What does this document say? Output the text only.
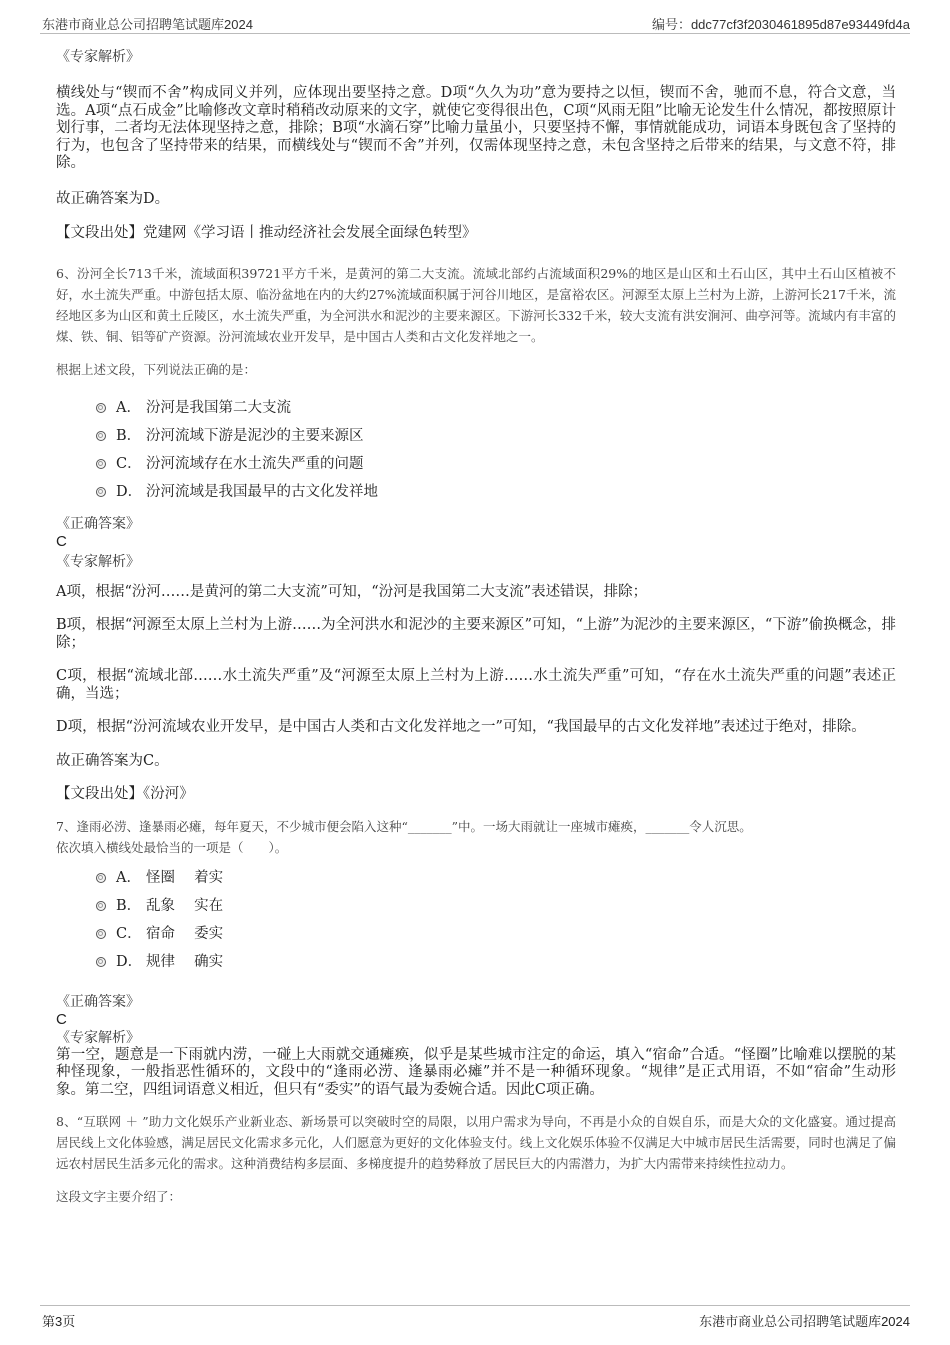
东港市商业总公司招聘笔试题库2024	编号：ddc77cf3f2030461895d87e93449fd4a

《专家解析》

横线处与“锲而不舍”构成同义并列，应体现出要坚持之意。D项“久久为功”意为要持之以恒，锲而不舍，驰而不息，符合文意，当选。A项“点石成金”比喻修改文章时稍稍改动原来的文字，就使它变得很出色，C项“风雨无阻”比喻无论发生什么情况，都按照原计划行事，二者均无法体现坚持之意，排除；B项“水滴石穿”比喻力量虽小，只要坚持不懈，事情就能成功，词语本身既包含了坚持的行为，也包含了坚持带来的结果，而横线处与“锲而不舍”并列，仅需体现坚持之意，未包含坚持之后带来的结果，与文意不符，排除。

故正确答案为D。

【文段出处】党建网《学习语丨推动经济社会发展全面绿色转型》

6、汾河全长713千米，流域面积39721平方千米，是黄河的第二大支流。流域北部约占流域面积29%的地区是山区和土石山区，其中土石山区植被不好，水土流失严重。中游包括太原、临汾盆地在内的大约27%流域面积属于河谷川地区，是富裕农区。河源至太原上兰村为上游，上游河长217千米，流经地区多为山区和黄土丘陵区，水土流失严重，为全河洪水和泥沙的主要来源区。下游河长332千米，较大支流有洪安涧河、曲亭河等。流域内有丰富的煤、铁、铜、铝等矿产资源。汾河流域农业开发早，是中国古人类和古文化发祥地之一。

根据上述文段，下列说法正确的是：

A． 汾河是我国第二大支流
B． 汾河流域下游是泥沙的主要来源区
C． 汾河流域存在水土流失严重的问题
D． 汾河流域是我国最早的古文化发祥地

《正确答案》

C

《专家解析》

A项，根据“汾河……是黄河的第二大支流”可知，“汾河是我国第二大支流”表述错误，排除；

B项，根据“河源至太原上兰村为上游……为全河洪水和泥沙的主要来源区”可知，“上游”为泥沙的主要来源区，“下游”偷换概念，排除；

C项，根据“流域北部……水土流失严重”及“河源至太原上兰村为上游……水土流失严重”可知，“存在水土流失严重的问题”表述正确，当选；

D项，根据“汾河流域农业开发早，是中国古人类和古文化发祥地之一”可知，“我国最早的古文化发祥地”表述过于绝对，排除。

故正确答案为C。

【文段出处】《汾河》

7、逢雨必涝、逢暴雨必瘫，每年夏天，不少城市便会陷入这种“_______”中。一场大雨就让一座城市瘫痪，_______令人沉思。

依次填入横线处最恰当的一项是（　　）。

A． 怪圈　 着实
B． 乱象　 实在
C． 宿命　 委实
D． 规律　 确实

《正确答案》

C

《专家解析》

第一空，题意是一下雨就内涝，一碰上大雨就交通瘫痪，似乎是某些城市注定的命运，填入“宿命”合适。“怪圈”比喻难以摆脱的某种怪现象，一般指恶性循环的，文段中的“逢雨必涝、逢暴雨必瘫”并不是一种循环现象。“规律”是正式用语，不如“宿命”生动形象。第二空，四组词语意义相近，但只有“委实”的语气最为委婉合适。因此C项正确。

8、“互联网 ＋ ”助力文化娱乐产业新业态、新场景可以突破时空的局限，以用户需求为导向，不再是小众的自娱自乐，而是大众的文化盛宴。通过提高居民线上文化体验感，满足居民文化需求多元化，人们愿意为更好的文化体验支付。线上文化娱乐体验不仅满足大中城市居民生活需要，同时也满足了偏远农村居民生活多元化的需求。这种消费结构多层面、多梯度提升的趋势释放了居民巨大的内需潜力，为扩大内需带来持续性拉动力。

这段文字主要介绍了：

第3页	东港市商业总公司招聘笔试题库2024
